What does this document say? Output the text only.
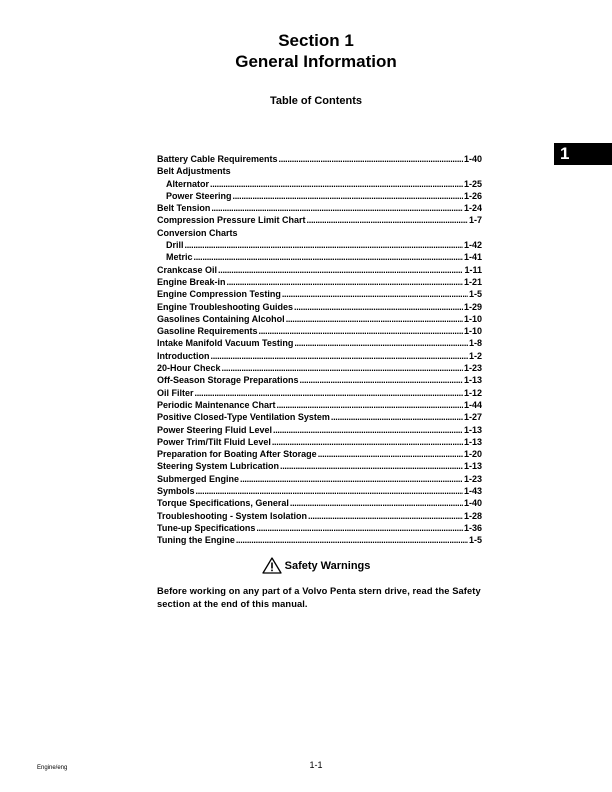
Section 1
General Information
Table of Contents
1
Battery Cable Requirements . . .	1-40
Belt Adjustments
Alternator . . .	1-25
Power Steering . . .	1-26
Belt Tension . . .	1-24
Compression Pressure Limit Chart . . .	1-7
Conversion Charts
Drill . . .	1-42
Metric . . .	1-41
Crankcase Oil . . .	1-11
Engine Break-in . . .	1-21
Engine Compression Testing . . .	1-5
Engine Troubleshooting Guides . . .	1-29
Gasolines Containing Alcohol . . .	1-10
Gasoline Requirements . . .	1-10
Intake Manifold Vacuum Testing . . .	1-8
Introduction . . .	1-2
20-Hour Check . . .	1-23
Off-Season Storage Preparations . . .	1-13
Oil Filter . . .	1-12
Periodic Maintenance Chart . . .	1-44
Positive Closed-Type Ventilation System . . .	1-27
Power Steering Fluid Level . . .	1-13
Power Trim/Tilt Fluid Level . . .	1-13
Preparation for Boating After Storage . . .	1-20
Steering System Lubrication . . .	1-13
Submerged Engine . . .	1-23
Symbols . . .	1-43
Torque Specifications, General . . .	1-40
Troubleshooting - System Isolation . . .	1-28
Tune-up Specifications . . .	1-36
Tuning the Engine . . .	1-5
Safety Warnings
Before working on any part of a Volvo Penta stern drive, read the Safety section at the end of this manual.
Engine/eng	1-1
